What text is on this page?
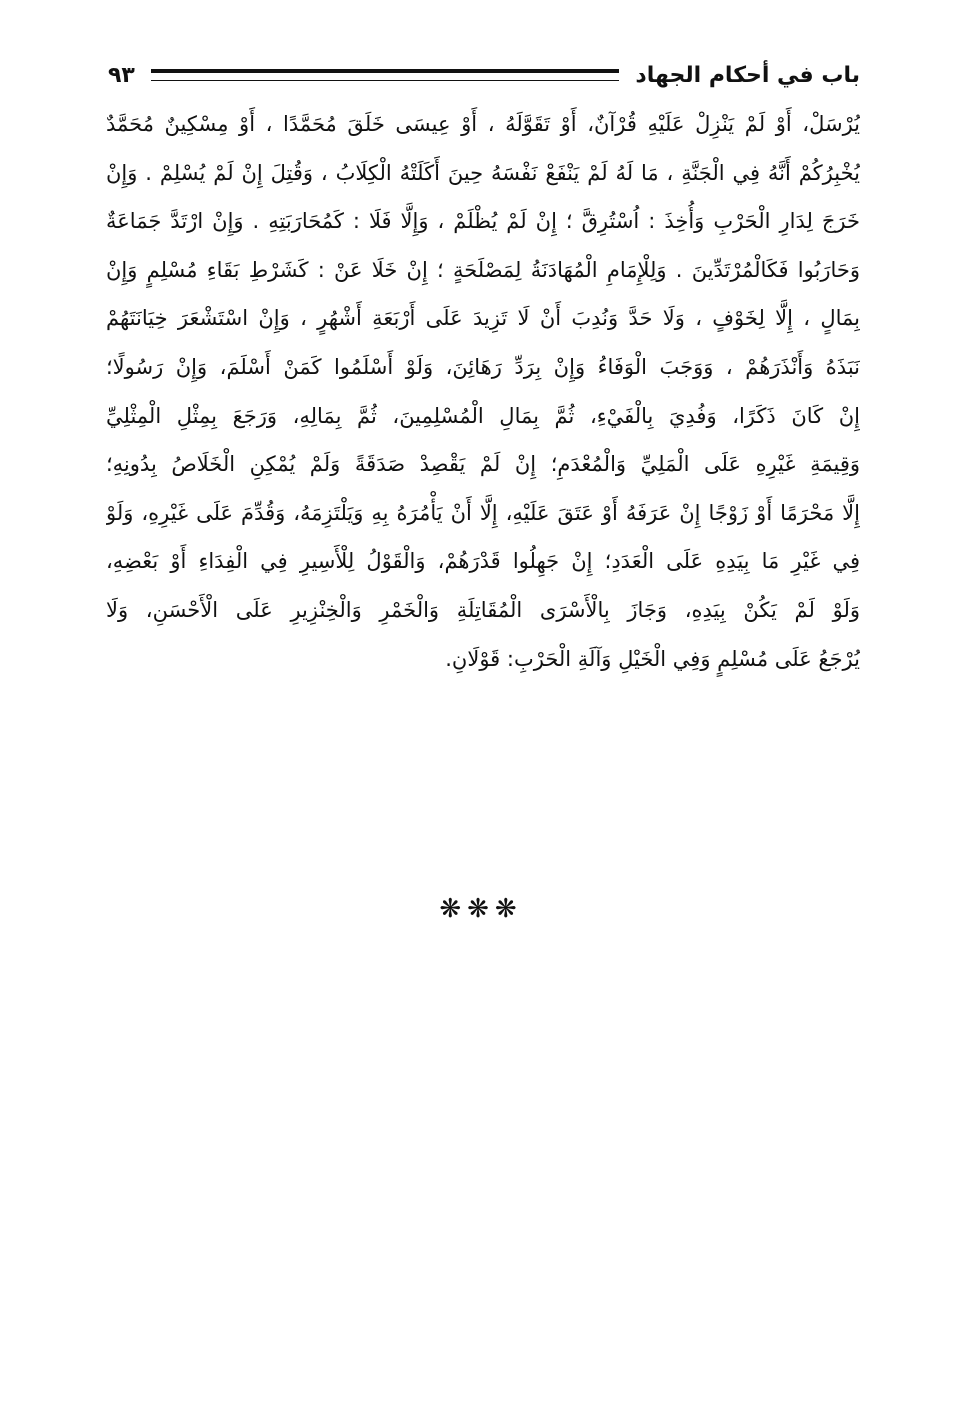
باب في أحكام الجهاد
٩٣
يُرْسَلْ، أَوْ لَمْ يَنْزِلْ عَلَيْهِ قُرْآنٌ، أَوْ تَقَوَّلَهُ ، أَوْ عِيسَى خَلَقَ مُحَمَّدًا ، أَوْ مِسْكِينٌ مُحَمَّدٌ
يُخْبِرُكُمْ أَنَّهُ فِي الْجَنَّةِ ، مَا لَهُ لَمْ يَنْفَعْ نَفْسَهُ حِينَ أَكَلَتْهُ الْكِلَابُ ، وَقُتِلَ إِنْ لَمْ يُسْلِمْ . وَإِنْ
خَرَجَ لِدَارِ الْحَرْبِ وَأُخِذَ : اُسْتُرِقَّ ؛ إِنْ لَمْ يُظْلَمْ ، وَإِلَّا فَلَا : كَمُحَارَبَتِهِ . وَإِنْ ارْتَدَّ جَمَاعَةٌ
وَحَارَبُوا فَكَالْمُرْتَدِّينَ . وَلِلْإِمَامِ الْمُهَادَنَةُ لِمَصْلَحَةٍ ؛ إِنْ خَلَا عَنْ : كَشَرْطِ بَقَاءِ مُسْلِمٍ وَإِنْ
بِمَالٍ ، إِلَّا لِخَوْفٍ ، وَلَا حَدَّ وَنُدِبَ أَنْ لَا تَزِيدَ عَلَى أَرْبَعَةِ أَشْهُرٍ ، وَإِنْ اسْتَشْعَرَ خِيَانَتَهُمْ
نَبَذَهُ وَأَنْذَرَهُمْ ، وَوَجَبَ الْوَفَاءُ وَإِنْ بِرَدِّ رَهَائِنَ، وَلَوْ أَسْلَمُوا كَمَنْ أَسْلَمَ، وَإِنْ رَسُولًا؛
إِنْ كَانَ ذَكَرًا، وَفُدِيَ بِالْفَيْءِ، ثُمَّ بِمَالِ الْمُسْلِمِينَ، ثُمَّ بِمَالِهِ، وَرَجَعَ بِمِثْلِ الْمِثْلِيِّ
وَقِيمَةِ غَيْرِهِ عَلَى الْمَلِيِّ وَالْمُعْدَمِ؛ إِنْ لَمْ يَقْصِدْ صَدَقَةً وَلَمْ يُمْكِنِ الْخَلَاصُ بِدُونِهِ؛
إِلَّا مَحْرَمًا أَوْ زَوْجًا إِنْ عَرَفَهُ أَوْ عَتَقَ عَلَيْهِ، إِلَّا أَنْ يَأْمُرَهُ بِهِ وَيَلْتَزِمَهُ، وَقُدِّمَ عَلَى غَيْرِهِ، وَلَوْ
فِي غَيْرِ مَا بِيَدِهِ عَلَى الْعَدَدِ؛ إِنْ جَهِلُوا قَدْرَهُمْ، وَالْقَوْلُ لِلْأَسِيرِ فِي الْفِدَاءِ أَوْ بَعْضِهِ،
وَلَوْ لَمْ يَكُنْ بِيَدِهِ، وَجَازَ بِالْأَسْرَى الْمُقَاتِلَةِ وَالْخَمْرِ وَالْخِنْزِيرِ عَلَى الْأَحْسَنِ، وَلَا
يُرْجَعُ عَلَى مُسْلِمٍ وَفِي الْخَيْلِ وَآلَةِ الْحَرْبِ: قَوْلَانِ.
❋❋❋
